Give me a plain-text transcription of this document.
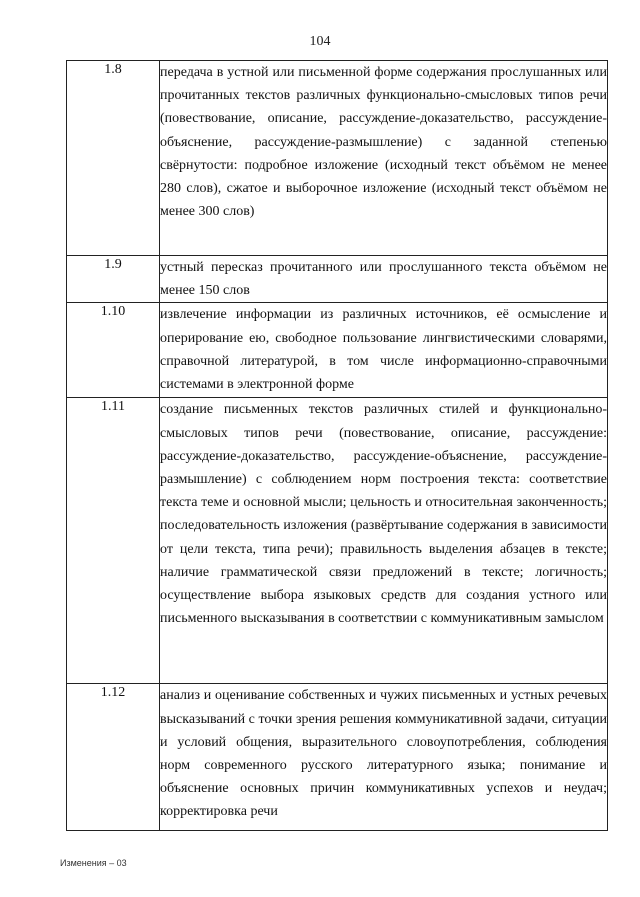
104
1.8	передача в устной или письменной форме содержания прослушанных или прочитанных текстов различных функционально-смысловых типов речи (повествование, описание, рассуждение-доказательство, рассуждение-объяснение, рассуждение-размышление) с заданной степенью свёрнутости: подробное изложение (исходный текст объёмом не менее 280 слов), сжатое и выборочное изложение (исходный текст объёмом не менее 300 слов)
1.9	устный пересказ прочитанного или прослушанного текста объёмом не менее 150 слов
1.10	извлечение информации из различных источников, её осмысление и оперирование ею, свободное пользование лингвистическими словарями, справочной литературой, в том числе информационно-справочными системами в электронной форме
1.11	создание письменных текстов различных стилей и функционально-смысловых типов речи (повествование, описание, рассуждение: рассуждение-доказательство, рассуждение-объяснение, рассуждение-размышление) с соблюдением норм построения текста: соответствие текста теме и основной мысли; цельность и относительная законченность; последовательность изложения (развёртывание содержания в зависимости от цели текста, типа речи); правильность выделения абзацев в тексте; наличие грамматической связи предложений в тексте; логичность; осуществление выбора языковых средств для создания устного или письменного высказывания в соответствии с коммуникативным замыслом
1.12	анализ и оценивание собственных и чужих письменных и устных речевых высказываний с точки зрения решения коммуникативной задачи, ситуации и условий общения, выразительного словоупотребления, соблюдения норм современного русского литературного языка; понимание и объяснение основных причин коммуникативных успехов и неудач; корректировка речи
Изменения – 03
